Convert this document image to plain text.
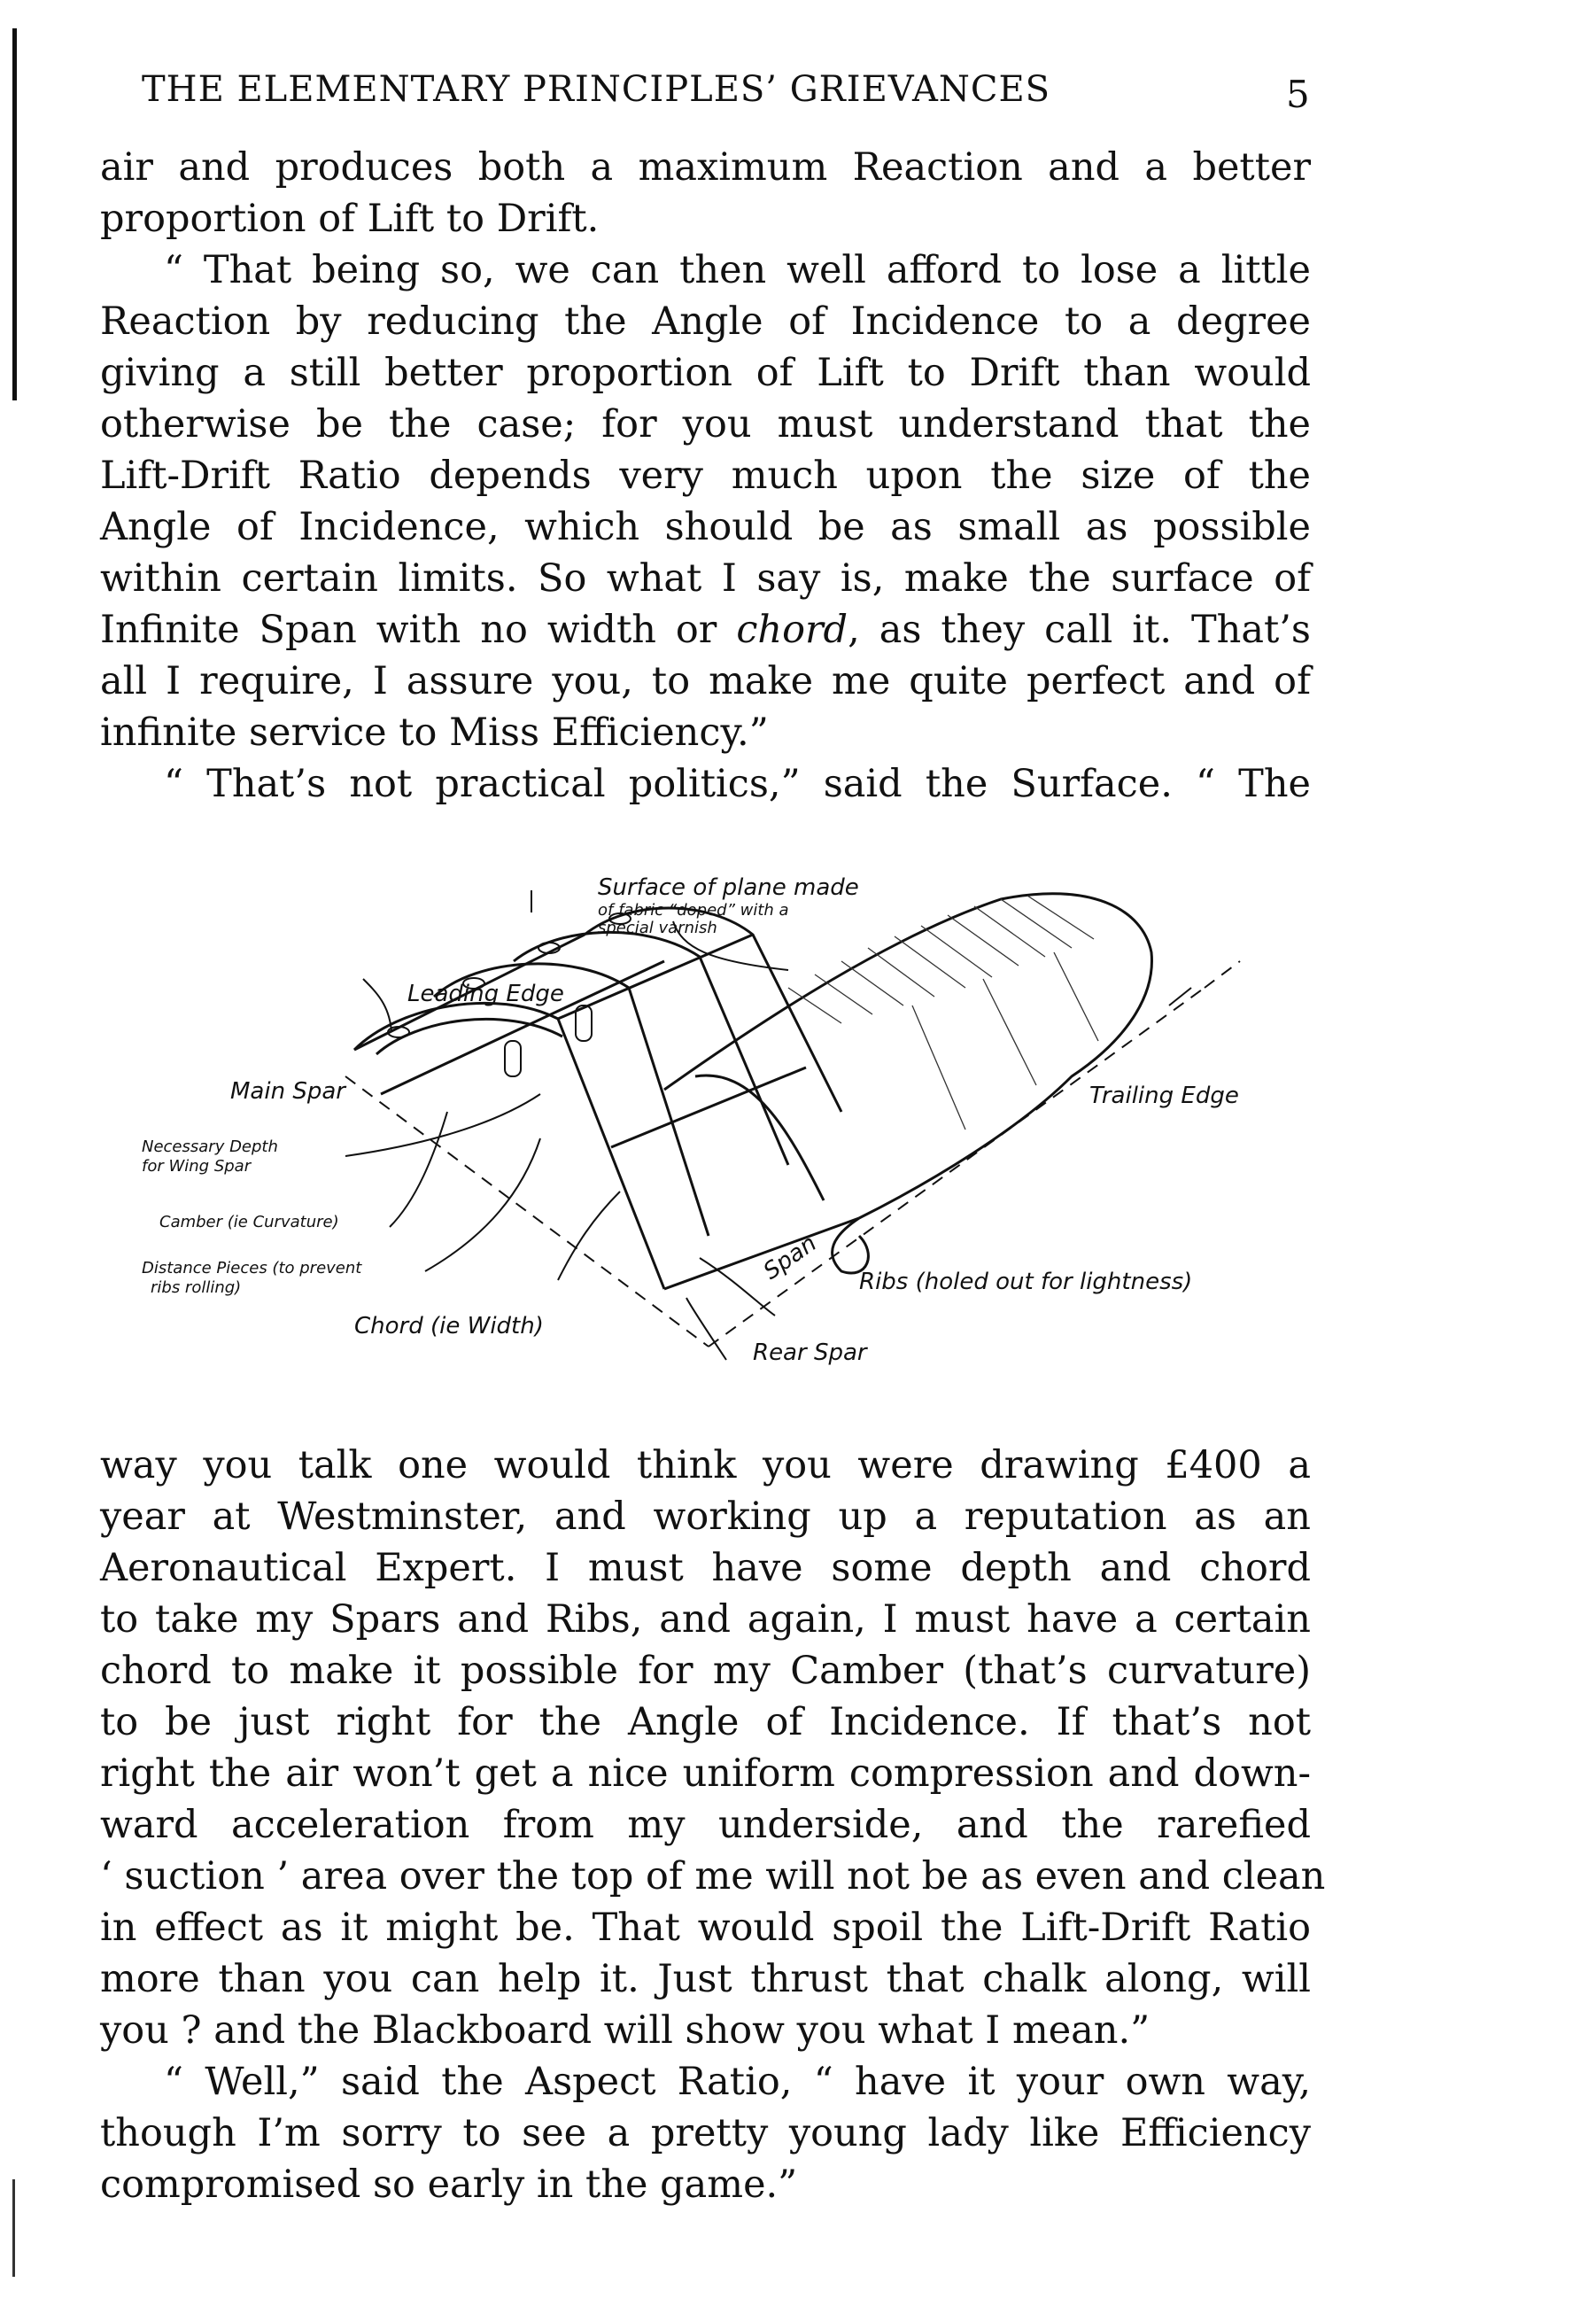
THE ELEMENTARY PRINCIPLES’ GRIEVANCES	5
air and produces both a maximum Reaction and a better
proportion of Lift to Drift.
“ That being so, we can then well afford to lose a little
Reaction by reducing the Angle of Incidence to a degree
giving a still better proportion of Lift to Drift than would
otherwise be the case; for you must understand that the
Lift-Drift Ratio depends very much upon the size of the
Angle of Incidence, which should be as small as possible
within certain limits. So what I say is, make the surface of
Infinite Span with no width or chord, as they call it. That’s
all I require, I assure you, to make me quite perfect and of
infinite service to Miss Efficiency.”
“ That’s not practical politics,” said the Surface. “ The
Surface of plane made
of fabric “doped” with a
special varnish
Leading Edge
Main Spar	Trailing Edge
Necessary Depth
for Wing Spar
Camber (ie Curvature)
Distance Pieces (to prevent
ribs rolling)
Chord (ie Width)
Span Ribs (holed out for lightness)
Rear Spar
way you talk one would think you were drawing £400 a
year at Westminster, and working up a reputation as an
Aeronautical Expert. I must have some depth and chord
to take my Spars and Ribs, and again, I must have a certain
chord to make it possible for my Camber (that’s curvature)
to be just right for the Angle of Incidence. If that’s not
right the air won’t get a nice uniform compression and down-
ward acceleration from my underside, and the rarefied
‘ suction ’ area over the top of me will not be as even and clean
in effect as it might be. That would spoil the Lift-Drift Ratio
more than you can help it. Just thrust that chalk along, will
you ? and the Blackboard will show you what I mean.”
“ Well,” said the Aspect Ratio, “ have it your own way,
though I’m sorry to see a pretty young lady like Efficiency
compromised so early in the game.”
